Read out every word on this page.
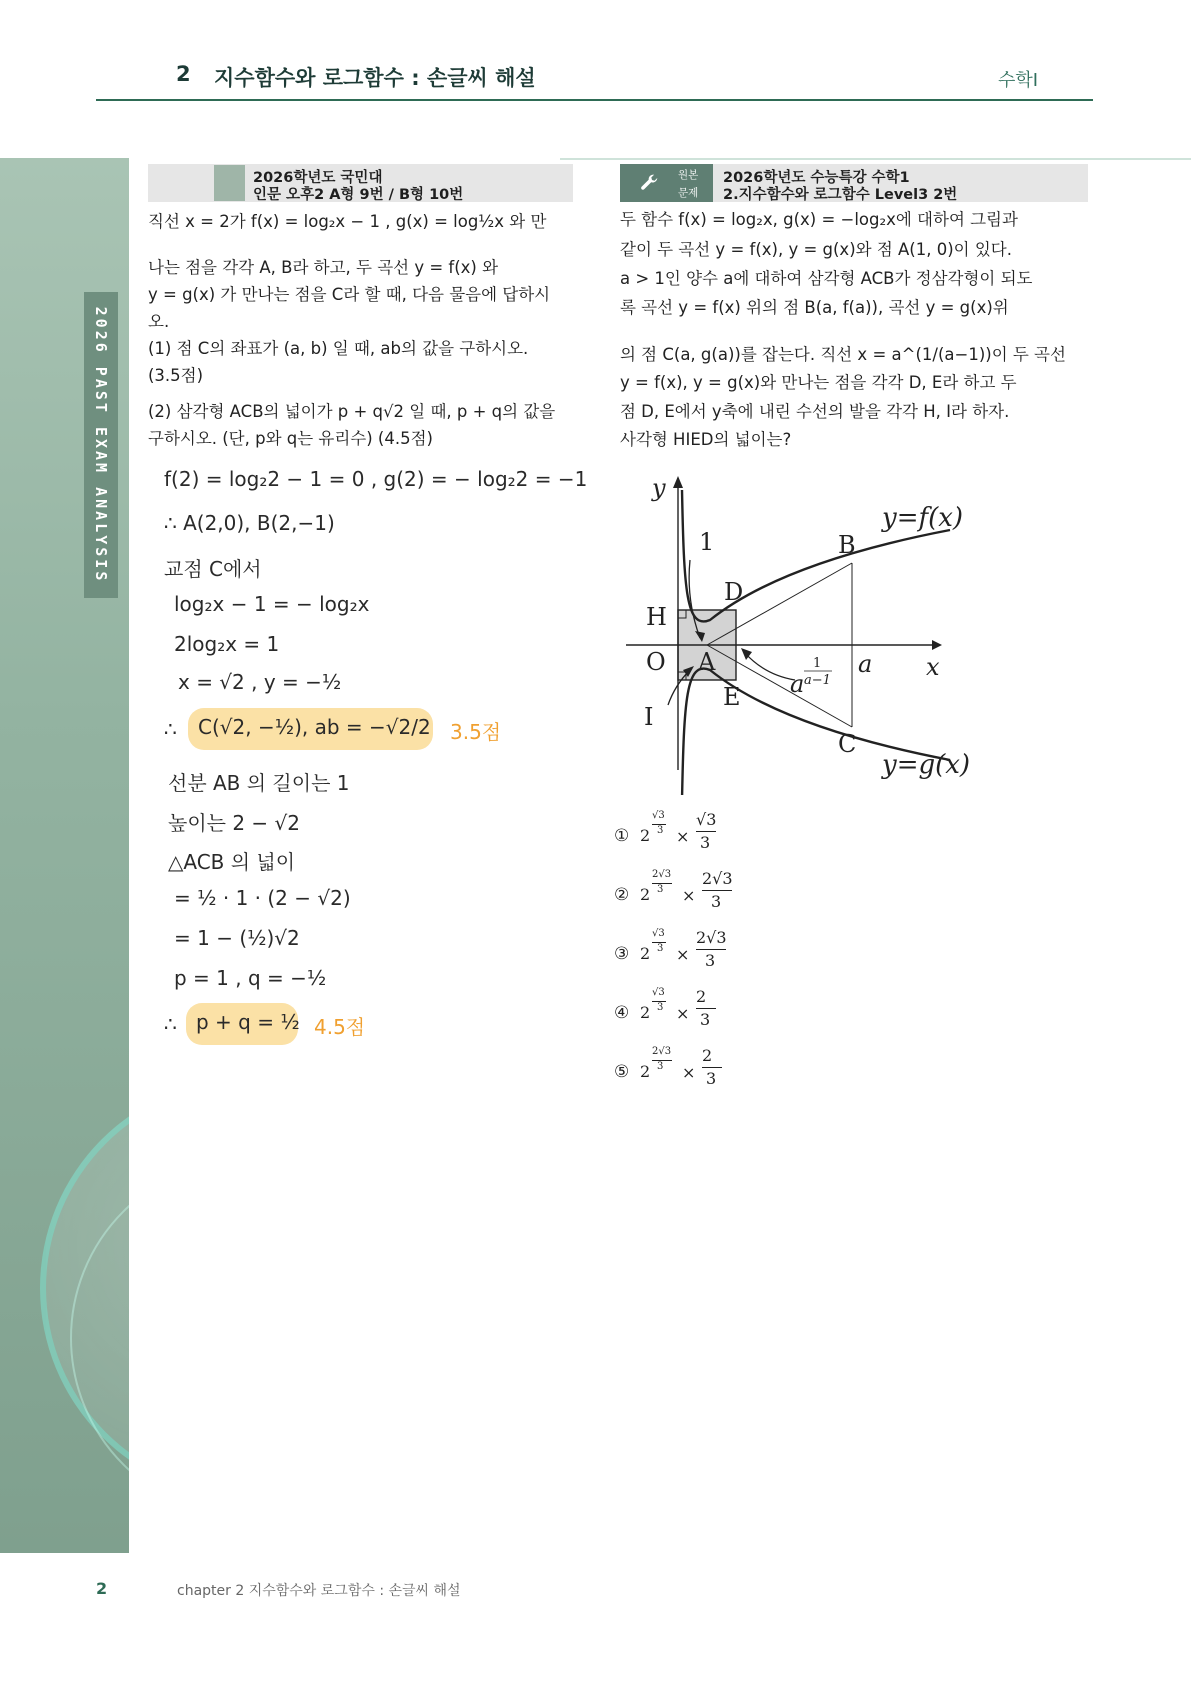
2 지수함수와 로그함수 : 손글씨 해설	수학Ⅰ
2026 PAST EXAM ANALYSIS
2026학년도 국민대
인문 오후2 A형 9번 / B형 10번
직선 x = 2가 f(x) = log₂x − 1 , g(x) = log½x 와 만
나는 점을 각각 A, B라 하고, 두 곡선 y = f(x) 와
y = g(x) 가 만나는 점을 C라 할 때, 다음 물음에 답하시
오.
(1) 점 C의 좌표가 (a, b) 일 때, ab의 값을 구하시오.
(3.5점)
(2) 삼각형 ACB의 넓이가 p + q√2 일 때, p + q의 값을
구하시오. (단, p와 q는 유리수) (4.5점)
f(2) = log₂2 − 1 = 0 , g(2) = − log₂2 = −1
∴ A(2,0), B(2,−1)
교점 C에서
log₂x − 1 = − log₂x
2log₂x = 1
x = √2 , y = −½
∴ C(√2, −½), ab = −√2/2 3.5점
선분 AB 의 길이는 1
높이는 2 − √2
△ACB 의 넓이
= ½ · 1 · (2 − √2)
= 1 − (½)√2
p = 1 , q = −½
∴ p + q = ½ 4.5점
원본
문제
2026학년도 수능특강 수학1
2.지수함수와 로그함수 Level3 2번
두 함수 f(x) = log₂x, g(x) = −log₂x에 대하여 그림과
같이 두 곡선 y = f(x), y = g(x)와 점 A(1, 0)이 있다.
a > 1인 양수 a에 대하여 삼각형 ACB가 정삼각형이 되도
록 곡선 y = f(x) 위의 점 B(a, f(a)), 곡선 y = g(x)위
의 점 C(a, g(a))를 잡는다. 직선 x = a^(1/(a−1))이 두 곡선
y = f(x), y = g(x)와 만나는 점을 각각 D, E라 하고 두
점 D, E에서 y축에 내린 수선의 발을 각각 H, I라 하자.
사각형 HIED의 넓이는?
y
x
1	B
D
H
O A
E
I
C
a
y=f(x)
y=g(x)
a
1
a−1
① 2
√3
3 ×
√3
3
② 2
2√3
3 ×
2√3
3
③ 2
√3
3 ×
2√3
3
④ 2
√3
3 ×
2
3
⑤ 2
2√3
3 ×
2
3
2	chapter 2 지수함수와 로그함수 : 손글씨 해설
